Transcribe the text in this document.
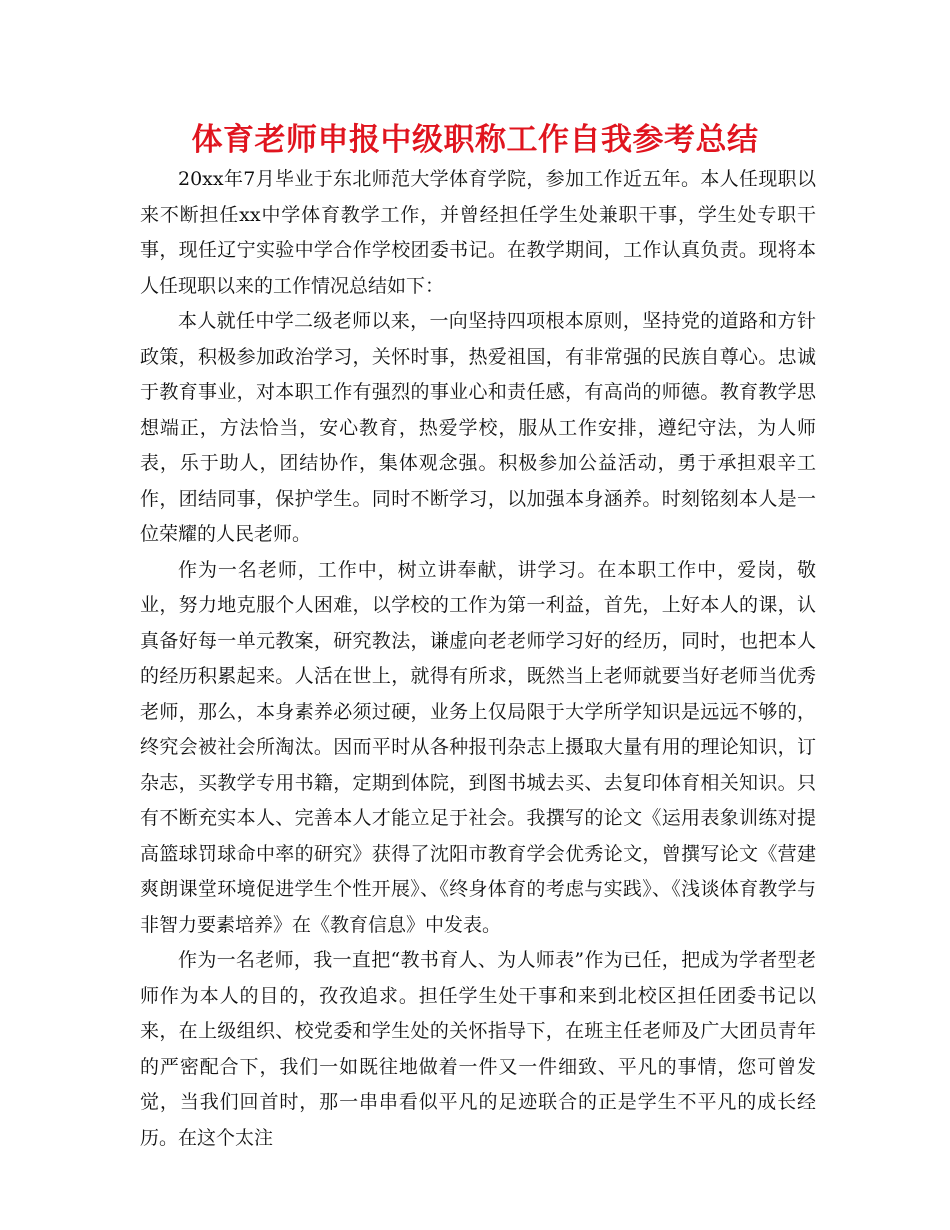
体育老师申报中级职称工作自我参考总结

20xx年7月毕业于东北师范大学体育学院，参加工作近五年。本人任现职以来不断担任xx中学体育教学工作，并曾经担任学生处兼职干事，学生处专职干事，现任辽宁实验中学合作学校团委书记。在教学期间，工作认真负责。现将本人任现职以来的工作情况总结如下：

本人就任中学二级老师以来，一向坚持四项根本原则，坚持党的道路和方针政策，积极参加政治学习，关怀时事，热爱祖国，有非常强的民族自尊心。忠诚于教育事业，对本职工作有强烈的事业心和责任感，有高尚的师德。教育教学思想端正，方法恰当，安心教育，热爱学校，服从工作安排，遵纪守法，为人师表，乐于助人，团结协作，集体观念强。积极参加公益活动，勇于承担艰辛工作，团结同事，保护学生。同时不断学习，以加强本身涵养。时刻铭刻本人是一位荣耀的人民老师。

作为一名老师，工作中，树立讲奉献，讲学习。在本职工作中，爱岗，敬业，努力地克服个人困难，以学校的工作为第一利益，首先，上好本人的课，认真备好每一单元教案，研究教法，谦虚向老老师学习好的经历，同时，也把本人的经历积累起来。人活在世上，就得有所求，既然当上老师就要当好老师当优秀老师，那么，本身素养必须过硬，业务上仅局限于大学所学知识是远远不够的，终究会被社会所淘汰。因而平时从各种报刊杂志上摄取大量有用的理论知识，订杂志，买教学专用书籍，定期到体院，到图书城去买、去复印体育相关知识。只有不断充实本人、完善本人才能立足于社会。我撰写的论文《运用表象训练对提高篮球罚球命中率的研究》获得了沈阳市教育学会优秀论文，曾撰写论文《营建爽朗课堂环境促进学生个性开展》、《终身体育的考虑与实践》、《浅谈体育教学与非智力要素培养》在《教育信息》中发表。

作为一名老师，我一直把“教书育人、为人师表”作为已任，把成为学者型老师作为本人的目的，孜孜追求。担任学生处干事和来到北校区担任团委书记以来，在上级组织、校党委和学生处的关怀指导下，在班主任老师及广大团员青年的严密配合下，我们一如既往地做着一件又一件细致、平凡的事情，您可曾发觉，当我们回首时，那一串串看似平凡的足迹联合的正是学生不平凡的成长经历。在这个太注
